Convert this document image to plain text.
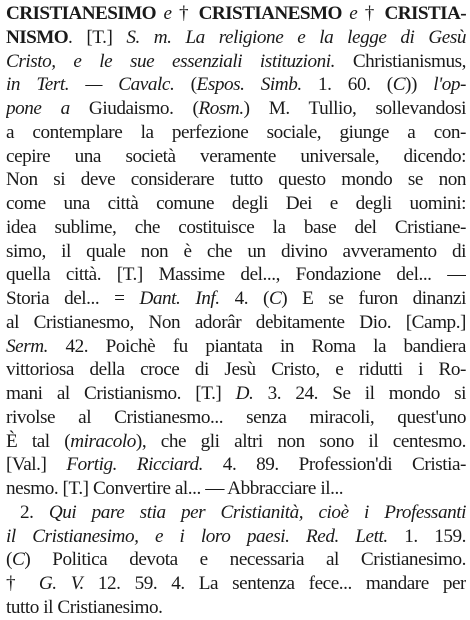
CRISTIANESIMO e † CRISTIANESMO e † CRISTIA-
NISMO. [T.] S. m. La religione e la legge di Gesù
Cristo, e le sue essenziali istituzioni. Christianismus,
in Tert. — Cavalc. (Espos. Simb. 1. 60. (C)) l'op-
pone a Giudaismo. (Rosm.) M. Tullio, sollevandosi
a contemplare la perfezione sociale, giunge a con-
cepire una società veramente universale, dicendo:
Non si deve considerare tutto questo mondo se non
come una città comune degli Dei e degli uomini:
idea sublime, che costituisce la base del Cristiane-
simo, il quale non è che un divino avveramento di
quella città. [T.] Massime del..., Fondazione del... —
Storia del... = Dant. Inf. 4. (C) E se furon dinanzi
al Cristianesmo, Non adorâr debitamente Dio. [Camp.]
Serm. 42. Poichè fu piantata in Roma la bandiera
vittoriosa della croce di Jesù Cristo, e ridutti i Ro-
mani al Cristianismo. [T.] D. 3. 24. Se il mondo si
rivolse al Cristianesmo... senza miracoli, quest'uno
È tal (miracolo), che gli altri non sono il centesmo.
[Val.] Fortig. Ricciard. 4. 89. Profession'di Cristia-
nesmo. [T.] Convertire al... — Abbracciare il...
2. Qui pare stia per Cristianità, cioè i Professanti
il Cristianesimo, e i loro paesi. Red. Lett. 1. 159.
(C) Politica devota e necessaria al Cristianesimo.
† G. V. 12. 59. 4. La sentenza fece... mandare per
tutto il Cristianesimo.
